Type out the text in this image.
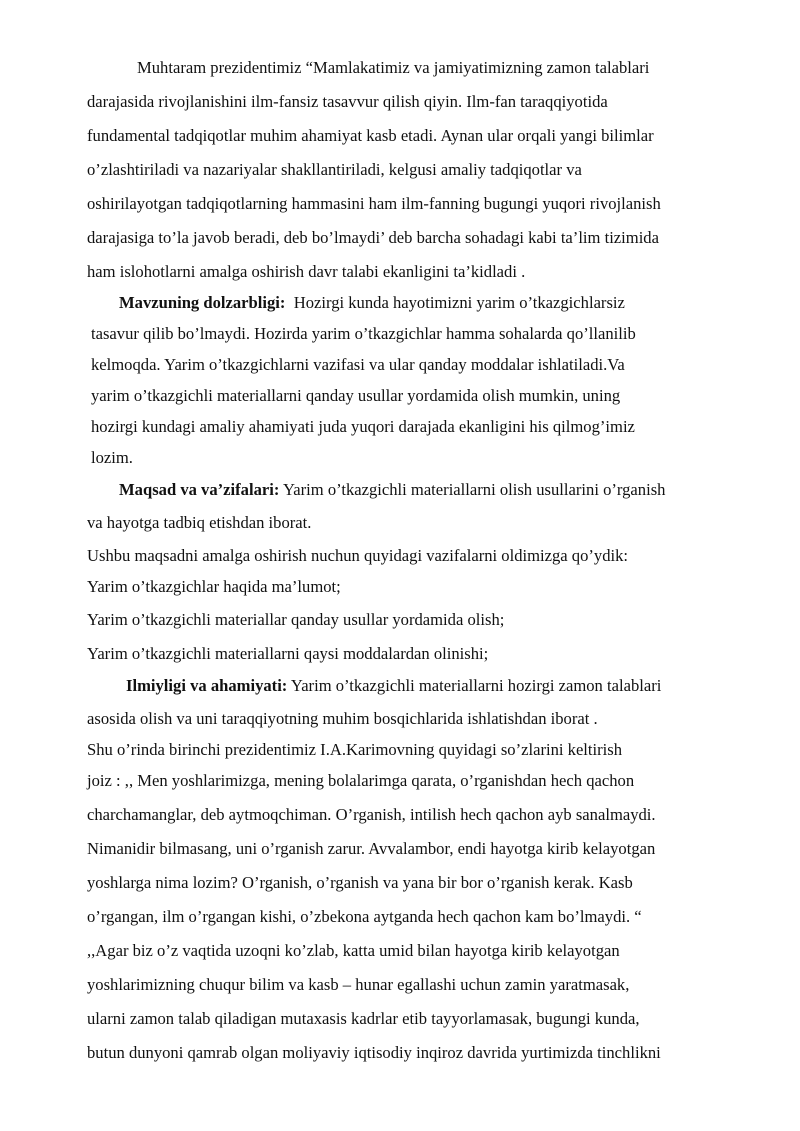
Muhtaram prezidentimiz “Mamlakatimiz va jamiyatimizning zamon talablari
darajasida rivojlanishini ilm-fansiz tasavvur qilish qiyin. Ilm-fan taraqqiyotida
fundamental tadqiqotlar muhim ahamiyat kasb etadi. Aynan ular orqali yangi bilimlar
o’zlashtiriladi va nazariyalar shakllantiriladi, kelgusi amaliy tadqiqotlar va
oshirilayotgan tadqiqotlarning hammasini ham ilm-fanning bugungi yuqori rivojlanish
darajasiga to’la javob beradi, deb bo’lmaydi’ deb barcha sohadagi kabi ta’lim tizimida
ham islohotlarni amalga oshirish davr talabi ekanligini ta’kidladi .
Mavzuning dolzarbligi: Hozirgi kunda hayotimizni yarim o’tkazgichlarsiz
tasavur qilib bo’lmaydi. Hozirda yarim o’tkazgichlar hamma sohalarda qo’llanilib
kelmoqda. Yarim o’tkazgichlarni vazifasi va ular qanday moddalar ishlatiladi.Va
yarim o’tkazgichli materiallarni qanday usullar yordamida olish mumkin, uning
hozirgi kundagi amaliy ahamiyati juda yuqori darajada ekanligini his qilmog’imiz
lozim.
Maqsad va va’zifalari: Yarim o’tkazgichli materiallarni olish usullarini o’rganish
va hayotga tadbiq etishdan iborat.
Ushbu maqsadni amalga oshirish nuchun quyidagi vazifalarni oldimizga qo’ydik:
Yarim o’tkazgichlar haqida ma’lumot;
Yarim o’tkazgichli materiallar qanday usullar yordamida olish;
Yarim o’tkazgichli materiallarni qaysi moddalardan olinishi;
Ilmiyligi va ahamiyati: Yarim o’tkazgichli materiallarni hozirgi zamon talablari
asosida olish va uni taraqqiyotning muhim bosqichlarida ishlatishdan iborat .
Shu o’rinda birinchi prezidentimiz I.A.Karimovning quyidagi so’zlarini keltirish
joiz : ,, Men yoshlarimizga, mening bolalarimga qarata, o’rganishdan hech qachon
charchamanglar, deb aytmoqchiman. O’rganish, intilish hech qachon ayb sanalmaydi.
Nimanidir bilmasang, uni o’rganish zarur. Avvalambor, endi hayotga kirib kelayotgan
yoshlarga nima lozim? O’rganish, o’rganish va yana bir bor o’rganish kerak. Kasb
o’rgangan, ilm o’rgangan kishi, o’zbekona aytganda hech qachon kam bo’lmaydi. “
,,Agar biz o’z vaqtida uzoqni ko’zlab, katta umid bilan hayotga kirib kelayotgan
yoshlarimizning chuqur bilim va kasb – hunar egallashi uchun zamin yaratmasak,
ularni zamon talab qiladigan mutaxasis kadrlar etib tayyorlamasak, bugungi kunda,
butun dunyoni qamrab olgan moliyaviy iqtisodiy inqiroz davrida yurtimizda tinchlikni
